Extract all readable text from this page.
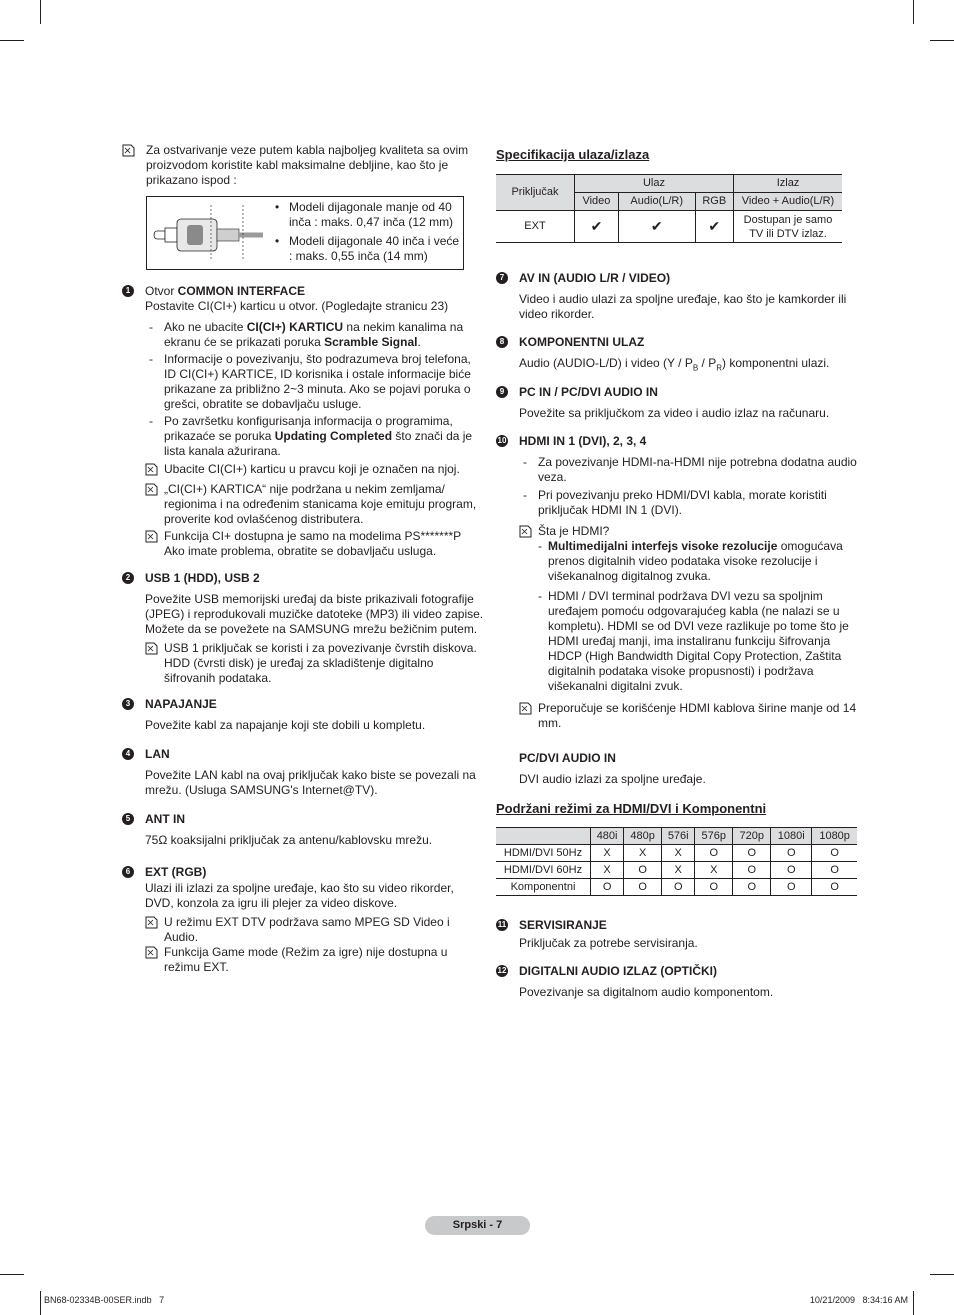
Za ostvarivanje veze putem kabla najboljeg kvaliteta sa ovim proizvodom koristite kabl maksimalne debljine, kao što je prikazano ispod :
• Modeli dijagonale manje od 40 inča : maks. 0,47 inča (12 mm)
• Modeli dijagonale 40 inča i veće : maks. 0,55 inča (14 mm)
1	Otvor COMMON INTERFACE
Postavite CI(CI+) karticu u otvor. (Pogledajte stranicu 23)
- Ako ne ubacite CI(CI+) KARTICU na nekim kanalima na ekranu će se prikazati poruka Scramble Signal.
- Informacije o povezivanju, što podrazumeva broj telefona, ID CI(CI+) KARTICE, ID korisnika i ostale informacije biće prikazane za približno 2~3 minuta. Ako se pojavi poruka o grešci, obratite se dobavljaču usluge.
- Po završetku konfigurisanja informacija o programima, prikazaće se poruka Updating Completed što znači da je lista kanala ažurirana.
Ubacite CI(CI+) karticu u pravcu koji je označen na njoj.
„CI(CI+) KARTICA“ nije podržana u nekim zemljama/ regionima i na određenim stanicama koje emituju program, proverite kod ovlašćenog distributera.
Funkcija CI+ dostupna je samo na modelima PS*******P Ako imate problema, obratite se dobavljaču usluga.
2	USB 1 (HDD), USB 2
Povežite USB memorijski uređaj da biste prikazivali fotografije (JPEG) i reprodukovali muzičke datoteke (MP3) ili video zapise. Možete da se povežete na SAMSUNG mrežu bežičnim putem.
USB 1 priključak se koristi i za povezivanje čvrstih diskova. HDD (čvrsti disk) je uređaj za skladištenje digitalno šifrovanih podataka.
3	NAPAJANJE
Povežite kabl za napajanje koji ste dobili u kompletu.
4	LAN
Povežite LAN kabl na ovaj priključak kako biste se povezali na mrežu. (Usluga SAMSUNG's Internet@TV).
5	ANT IN
75Ω koaksijalni priključak za antenu/kablovsku mrežu.
6	EXT (RGB)
Ulazi ili izlazi za spoljne uređaje, kao što su video rikorder, DVD, konzola za igru ili plejer za video diskove.
U režimu EXT DTV podržava samo MPEG SD Video i Audio.
Funkcija Game mode (Režim za igre) nije dostupna u režimu EXT.
Specifikacija ulaza/izlaza
Priključak	Ulaz			Izlaz
	Video	Audio(L/R)	RGB	Video + Audio(L/R)
EXT	✔	✔	✔	Dostupan je samo TV ili DTV izlaz.
7	AV IN (AUDIO L/R / VIDEO)
Video i audio ulazi za spoljne uređaje, kao što je kamkorder ili video rikorder.
8	KOMPONENTNI ULAZ
Audio (AUDIO-L/D) i video $(Y / P_B / P_R)$ komponentni ulazi.
9	PC IN / PC/DVI AUDIO IN
Povežite sa priključkom za video i audio izlaz na računaru.
10 HDMI IN 1 (DVI), 2, 3, 4
- Za povezivanje HDMI-na-HDMI nije potrebna dodatna audio veza.
- Pri povezivanju preko HDMI/DVI kabla, morate koristiti priključak HDMI IN 1 (DVI).
Šta je HDMI?
- Multimedijalni interfejs visoke rezolucije omogućava prenos digitalnih video podataka visoke rezolucije i višekanalnog digitalnog zvuka.
- HDMI / DVI terminal podržava DVI vezu sa spoljnim uređajem pomoću odgovarajućeg kabla (ne nalazi se u kompletu). HDMI se od DVI veze razlikuje po tome što je HDMI uređaj manji, ima instaliranu funkciju šifrovanja HDCP (High Bandwidth Digital Copy Protection, Zaštita digitalnih podataka visoke propusnosti) i podržava višekanalni digitalni zvuk.
Preporučuje se korišćenje HDMI kablova širine manje od 14 mm.
PC/DVI AUDIO IN
DVI audio izlazi za spoljne uređaje.
Podržani režimi za HDMI/DVI i Komponentni
	480i	480p	576i	576p	720p	1080i	1080p
HDMI/DVI 50Hz	X	X	X	O	O	O	O
HDMI/DVI 60Hz	X	O	X	X	O	O	O
Komponentni	O	O	O	O	O	O	O
11 SERVISIRANJE
Priključak za potrebe servisiranja.
12 DIGITALNI AUDIO IZLAZ (OPTIČKI)
Povezivanje sa digitalnom audio komponentom.
Srpski - 7
BN68-02334B-00SER.indb   7	10/21/2009   8:34:16 AM
